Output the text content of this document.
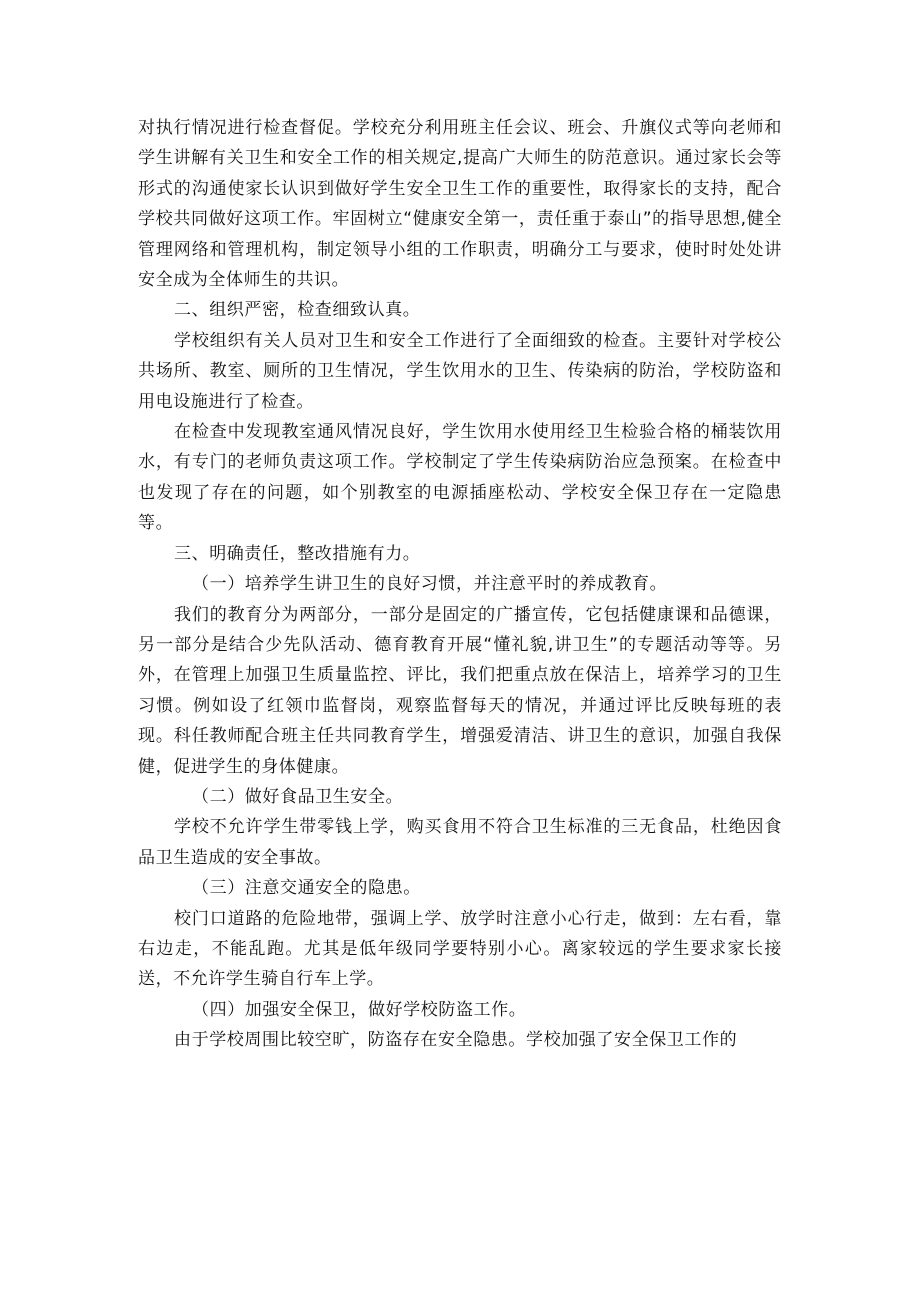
对执行情况进行检查督促。学校充分利用班主任会议、班会、升旗仪式等向老师和学生讲解有关卫生和安全工作的相关规定,提高广大师生的防范意识。通过家长会等形式的沟通使家长认识到做好学生安全卫生工作的重要性，取得家长的支持，配合学校共同做好这项工作。牢固树立“健康安全第一，责任重于泰山”的指导思想,健全管理网络和管理机构，制定领导小组的工作职责，明确分工与要求，使时时处处讲安全成为全体师生的共识。

二、组织严密，检查细致认真。

学校组织有关人员对卫生和安全工作进行了全面细致的检查。主要针对学校公共场所、教室、厕所的卫生情况，学生饮用水的卫生、传染病的防治，学校防盗和用电设施进行了检查。

在检查中发现教室通风情况良好，学生饮用水使用经卫生检验合格的桶装饮用水，有专门的老师负责这项工作。学校制定了学生传染病防治应急预案。在检查中也发现了存在的问题，如个别教室的电源插座松动、学校安全保卫存在一定隐患等。

三、明确责任，整改措施有力。

（一）培养学生讲卫生的良好习惯，并注意平时的养成教育。

我们的教育分为两部分，一部分是固定的广播宣传，它包括健康课和品德课，另一部分是结合少先队活动、德育教育开展“懂礼貌,讲卫生”的专题活动等等。另外，在管理上加强卫生质量监控、评比，我们把重点放在保洁上，培养学习的卫生习惯。例如设了红领巾监督岗，观察监督每天的情况，并通过评比反映每班的表现。科任教师配合班主任共同教育学生，增强爱清洁、讲卫生的意识，加强自我保健，促进学生的身体健康。

（二）做好食品卫生安全。

学校不允许学生带零钱上学，购买食用不符合卫生标准的三无食品，杜绝因食品卫生造成的安全事故。

（三）注意交通安全的隐患。

校门口道路的危险地带，强调上学、放学时注意小心行走，做到：左右看，靠右边走，不能乱跑。尤其是低年级同学要特别小心。离家较远的学生要求家长接送，不允许学生骑自行车上学。

（四）加强安全保卫，做好学校防盗工作。

由于学校周围比较空旷，防盗存在安全隐患。学校加强了安全保卫工作的
